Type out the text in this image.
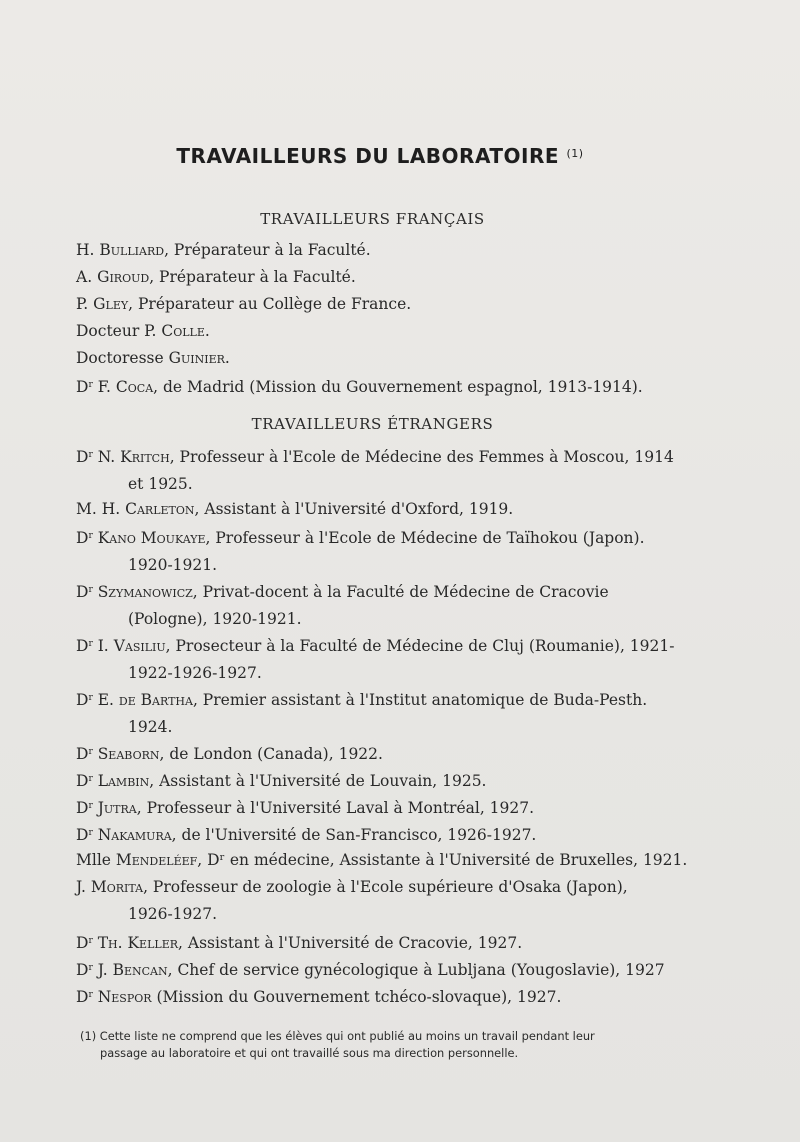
TRAVAILLEURS DU LABORATOIRE $^{(1)}$
TRAVAILLEURS FRANÇAIS
H. Bulliard, Préparateur à la Faculté.
A. Giroud, Préparateur à la Faculté.
P. Gley, Préparateur au Collège de France.
Docteur P. Colle.
Doctoresse Guinier.
$D^r$ F. Coca, de Madrid (Mission du Gouvernement espagnol, 1913-1914).
TRAVAILLEURS ÉTRANGERS
$D^r$ N. Kritch, Professeur à l'Ecole de Médecine des Femmes à Moscou, 1914
et 1925.
M. H. Carleton, Assistant à l'Université d'Oxford, 1919.
$D^r$ Kano Moukaye, Professeur à l'Ecole de Médecine de Taïhokou (Japon).
1920-1921.
$D^r$ Szymanowicz, Privat-docent à la Faculté de Médecine de Cracovie
(Pologne), 1920-1921.
$D^r$ I. Vasiliu, Prosecteur à la Faculté de Médecine de Cluj (Roumanie), 1921-
1922-1926-1927.
$D^r$ E. de Bartha, Premier assistant à l'Institut anatomique de Buda-Pesth.
1924.
$D^r$ Seaborn, de London (Canada), 1922.
$D^r$ Lambin, Assistant à l'Université de Louvain, 1925.
$D^r$ Jutra, Professeur à l'Université Laval à Montréal, 1927.
$D^r$ Nakamura, de l'Université de San-Francisco, 1926-1927.
Mlle Mendeléef, Dʳ en médecine, Assistante à l'Université de Bruxelles, 1921.
J. Morita, Professeur de zoologie à l'Ecole supérieure d'Osaka (Japon),
1926-1927.
$D^r$ Th. Keller, Assistant à l'Université de Cracovie, 1927.
$D^r$ J. Bencan, Chef de service gynécologique à Lubljana (Yougoslavie), 1927
$D^r$ Nespor (Mission du Gouvernement tchéco-slovaque), 1927.
(1) Cette liste ne comprend que les élèves qui ont publié au moins un travail pendant leur
passage au laboratoire et qui ont travaillé sous ma direction personnelle.
